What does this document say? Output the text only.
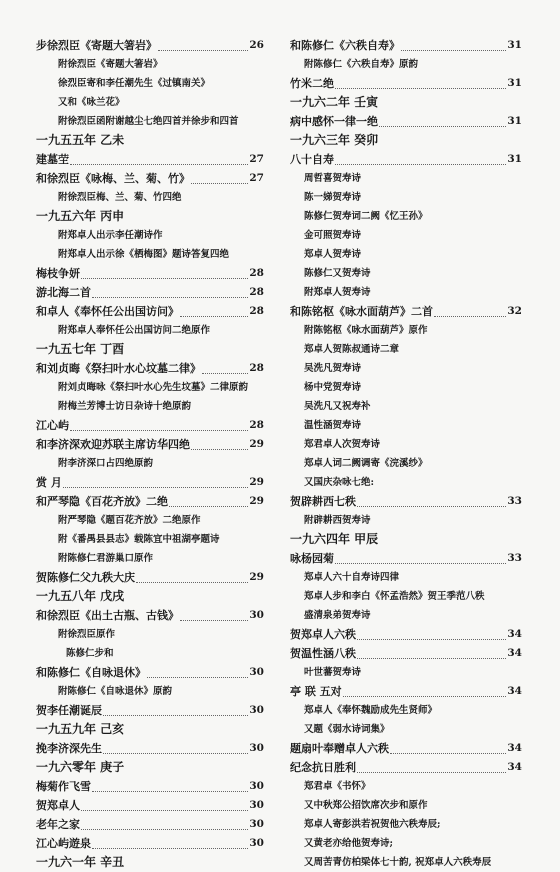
步徐烈臣《寄题大箸岩》	26
附徐烈臣《寄题大箸岩》
徐烈臣寄和李任潮先生《过镇南关》
又和《咏兰花》
附徐烈臣函附谢越尘七绝四首并徐步和四首
一九五五年 乙未
建墓茔	27
和徐烈臣《咏梅、兰、菊、竹》	27
附徐烈臣梅、兰、菊、竹四绝
一九五六年 丙申
附郑卓人出示李任潮诗作
附郑卓人出示徐《栖梅图》题诗答复四绝
梅枝争妍	28
游北海二首	28
和卓人《奉怀任公出国访问》	28
附郑卓人奉怀任公出国访问二绝原作
一九五七年 丁酉
和刘贞晦《祭扫叶水心坟墓二律》	28
附刘贞晦咏《祭扫叶水心先生坟墓》二律原韵
附梅兰芳博士访日杂诗十绝原韵
江心屿	28
和李济深欢迎苏联主席访华四绝	29
附李济深口占四绝原韵
赏 月	29
和严琴隐《百花齐放》二绝	29
附严琴隐《题百花齐放》二绝原作
附《番禺县县志》载陈宜中祖湖亭题诗
附陈修仁君游巢口原作
贺陈修仁父九秩大庆	29
一九五八年 戊戌
和徐烈臣《出土古瓶、古钱》	30
附徐烈臣原作
陈修仁步和
和陈修仁《自咏退休》	30
附陈修仁《自咏退休》原韵
贺李任潮诞辰	30
一九五九年 己亥
挽李济深先生	30
一九六零年 庚子
梅菊作飞雪	30
贺郑卓人	30
老年之家	30
江心屿遊泉	30
一九六一年 辛丑
和陈修仁《六秩自寿》	31
附陈修仁《六秩自寿》原韵
竹米二绝	31
一九六二年 壬寅
病中感怀一律一绝	31
一九六三年 癸卯
八十自寿	31
周哲喜贺寿诗
陈一娣贺寿诗
陈修仁贺寿词二阙《忆王孙》
金可照贺寿诗
郑卓人贺寿诗
陈修仁又贺寿诗
附郑卓人贺寿诗
和陈铭枢《咏水面葫芦》二首	32
附陈铭枢《咏水面葫芦》原作
郑卓人贺陈叔通诗二章
吴洗凡贺寿诗
杨中党贺寿诗
吴洗凡又祝寿补
温性涵贺寿诗
郑君卓人次贺寿诗
郑卓人词二阙调寄《浣溪纱》
又国庆杂咏七绝:
贺辟耕西七秩	33
附辟耕西贺寿诗
一九六四年 甲辰
咏杨园菊	33
郑卓人六十自寿诗四律
郑卓人步和李白《怀孟浩然》贺王季范八秩
盛清泉弟贺寿诗
贺郑卓人六秩	34
贺温性涵八秩	34
叶世蕃贺寿诗
亭 联 五对	34
郑卓人《奉怀魏励成先生贤师》
又题《弱水诗词集》
题扇叶奉赠卓人六秩	34
纪念抗日胜利	34
郑君卓《书怀》
又中秋郑公招饮席次步和原作
郑卓人寄彭洪若祝贺他六秩寿辰;
又黄老亦给他贺寿诗;
又周苦青仿柏梁体七十韵, 祝郑卓人六秩寿辰
